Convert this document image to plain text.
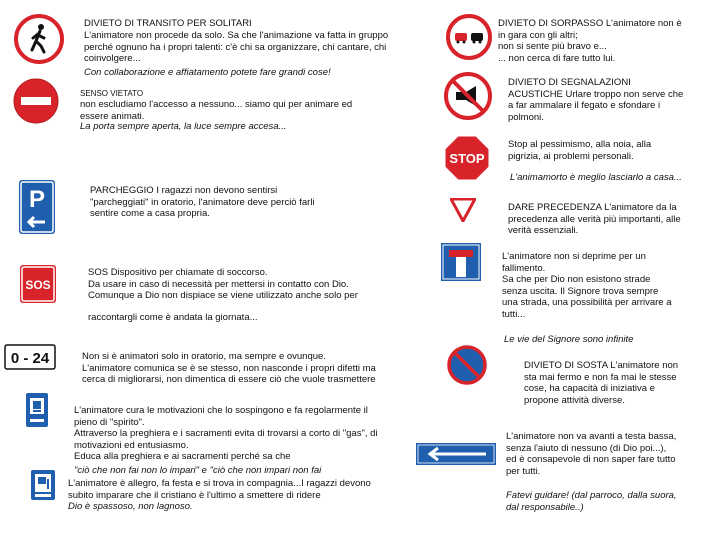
P
SOS
0 - 24

DIVIETO DI TRANSITO PER SOLITARI

L'animatore non procede da solo. Sa che l'animazione va fatta in gruppo
perché ognuno ha i propri talenti: c'è chi sa organizzare, chi cantare, chi
coinvolgere...

Con collaborazione e affiatamento potete fare grandi cose!

SENSO VIETATO

non escludiamo l'accesso a nessuno... siamo qui per animare ed
essere animati.

La porta sempre aperta, la luce sempre accesa...

PARCHEGGIO I ragazzi non devono sentirsi
"parcheggiati" in oratorio, l'animatore deve perciò farli
sentire come a casa propria.

SOS Dispositivo per chiamate di soccorso.
Da usare in caso di necessità per mettersi in contatto con Dio.
Comunque a Dio non dispiace se viene utilizzato anche solo per

raccontargli come è andata la giornata...

Non si è animatori solo in oratorio, ma sempre e ovunque.
L'animatore comunica se è se stesso, non nasconde i propri difetti ma
cerca di migliorarsi, non dimentica di essere ciò che vuole trasmettere

L'animatore cura le motivazioni che lo sospingono e fa regolarmente il
pieno di "spirito".
Attraverso la preghiera e i sacramenti evita di trovarsi a corto di "gas", di
motivazioni ed entusiasmo.
Educa alla preghiera e ai sacramenti perché sa che

"ciò che non fai non lo impari" e "ciò che non impari non fai

L'animatore è allegro, fa festa e si trova in compagnia...I ragazzi devono
subito imparare che il cristiano è l'ultimo a smettere di ridere

Dio è spassoso, non lagnoso.

STOP

DIVIETO DI SORPASSO L'animatore non è
in gara con gli altri;
non si sente più bravo e...
... non cerca di fare tutto lui.

DIVIETO DI SEGNALAZIONI
ACUSTICHE Urlare troppo non serve che
a far ammalare il fegato e sfondare i
polmoni.

Stop al pessimismo, alla noia, alla
pigrizia, ai problemi personali.

L'animamorto è meglio lasciarlo a casa...

DARE PRECEDENZA L'animatore da la
precedenza alle verità più importanti, alle
verità essenziali.

L'animatore non si deprime per un
fallimento.
Sa che per Dio non esistono strade
senza uscita. Il Signore trova sempre
una strada, una possibilità per arrivare a
tutti...

Le vie del Signore sono infinite

DIVIETO DI SOSTA L'animatore non
sta mai fermo e non fa mai le stesse
cose, ha capacità di iniziativa e
propone attività diverse.

L'animatore non va avanti a testa bassa,
senza l'aiuto di nessuno (di Dio poi...),
ed è consapevole di non saper fare tutto
per tutti.

Fatevi guidare! (dal parroco, dalla suora,
dal responsabile..)
